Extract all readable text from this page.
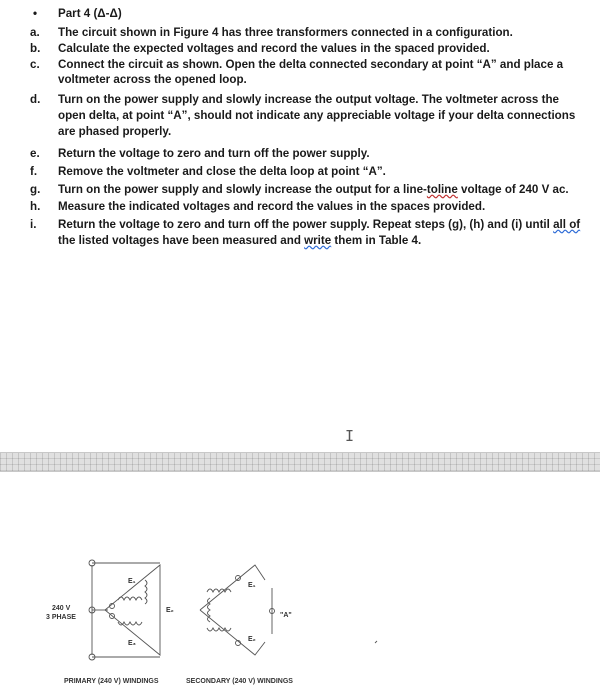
•	Part 4 (Δ-Δ)
a.	The circuit shown in Figure 4 has three transformers connected in a configuration.
b.	Calculate the expected voltages and record the values in the spaced provided.
c.	Connect the circuit as shown. Open the delta connected secondary at point “A” and place a
voltmeter across the opened loop.
d.	Turn on the power supply and slowly increase the output voltage. The voltmeter across the
open delta, at point “A”, should not indicate any appreciable voltage if your delta connections
are phased properly.
e.	Return the voltage to zero and turn off the power supply.
f.	Remove the voltmeter and close the delta loop at point “A”.
g.	Turn on the power supply and slowly increase the output for a line-toline voltage of 240 V ac.
h.	Measure the indicated voltages and record the values in the spaces provided.
i.	Return the voltage to zero and turn off the power supply. Repeat steps (g), (h) and (i) until all of
the listed voltages have been measured and write them in Table 4.
I
240 V
3 PHASE
E₁
E₂
E₃
E₁
E₂
"A"
PRIMARY (240 V) WINDINGS	SECONDARY (240 V) WINDINGS
